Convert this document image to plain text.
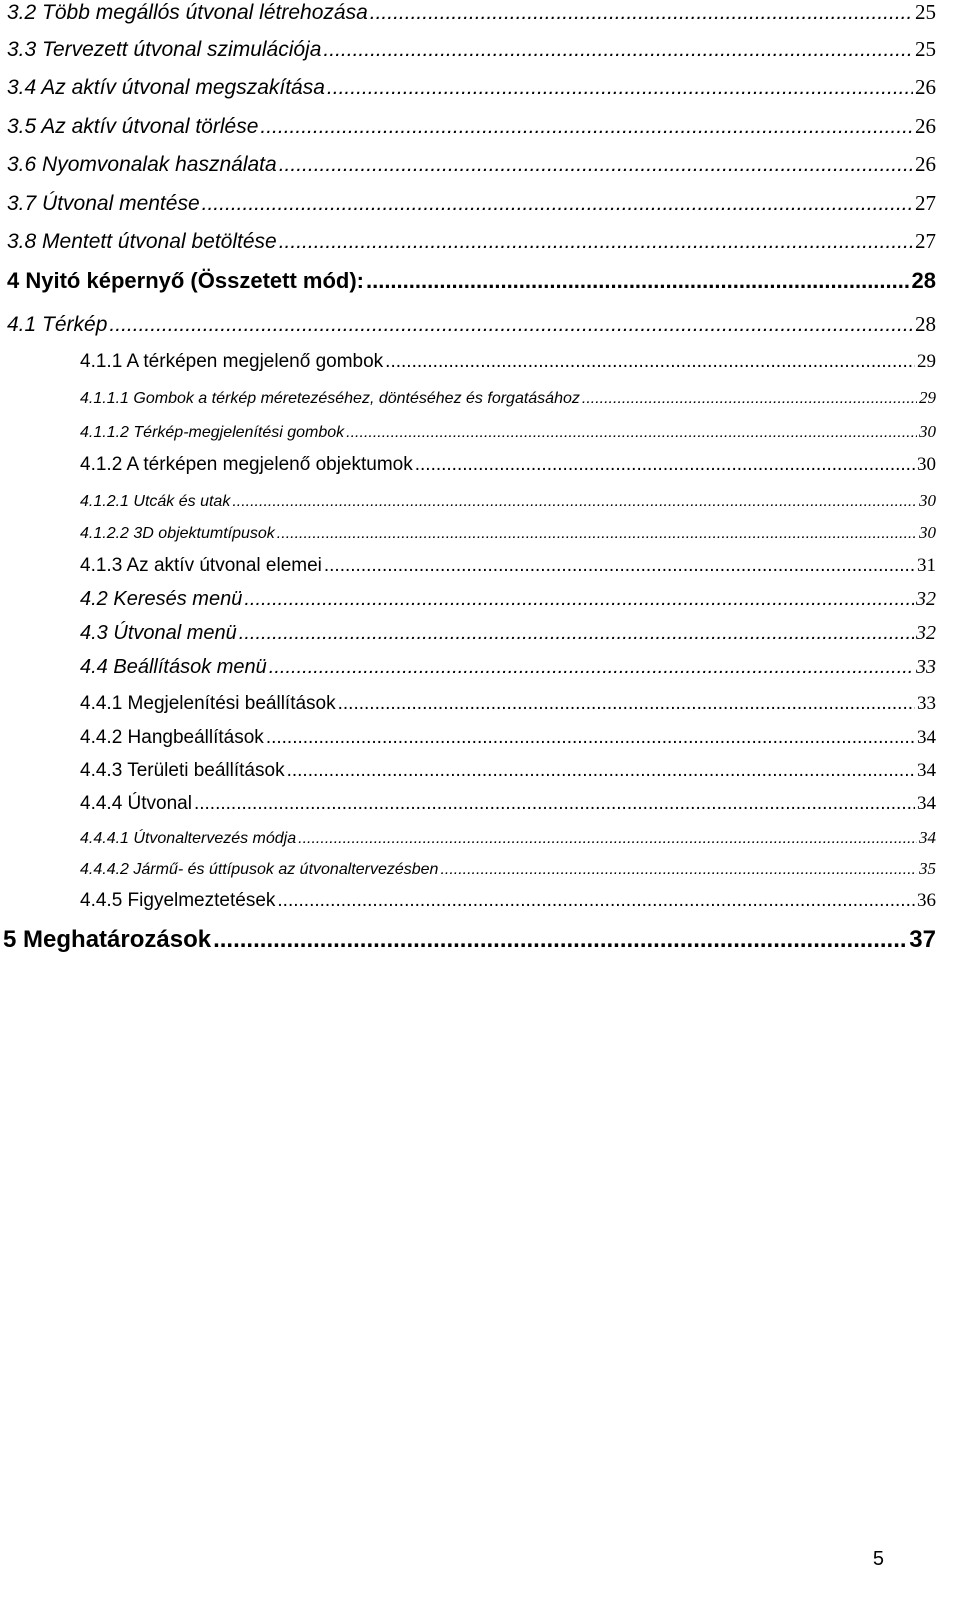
3.2 Több megállós útvonal létrehozása .....	25
3.3 Tervezett útvonal szimulációja .....	25
3.4 Az aktív útvonal megszakítása .....	26
3.5 Az aktív útvonal törlése .....	26
3.6 Nyomvonalak használata .....	26
3.7 Útvonal mentése .....	27
3.8 Mentett útvonal betöltése .....	27
4 Nyitó képernyő (Összetett mód): .....	28
4.1 Térkép .....	28
4.1.1 A térképen megjelenő gombok .....	29
4.1.1.1 Gombok a térkép méretezéséhez, döntéséhez és forgatásához .....	29
4.1.1.2 Térkép-megjelenítési gombok .....	30
4.1.2 A térképen megjelenő objektumok .....	30
4.1.2.1 Utcák és utak .....	30
4.1.2.2 3D objektumtípusok .....	30
4.1.3 Az aktív útvonal elemei .....	31
4.2 Keresés menü .....	32
4.3 Útvonal menü .....	32
4.4 Beállítások menü .....	33
4.4.1 Megjelenítési beállítások .....	33
4.4.2 Hangbeállítások .....	34
4.4.3 Területi beállítások .....	34
4.4.4 Útvonal .....	34
4.4.4.1 Útvonaltervezés módja .....	34
4.4.4.2 Jármű- és úttípusok az útvonaltervezésben .....	35
4.4.5 Figyelmeztetések .....	36
5 Meghatározások .....	37
5
